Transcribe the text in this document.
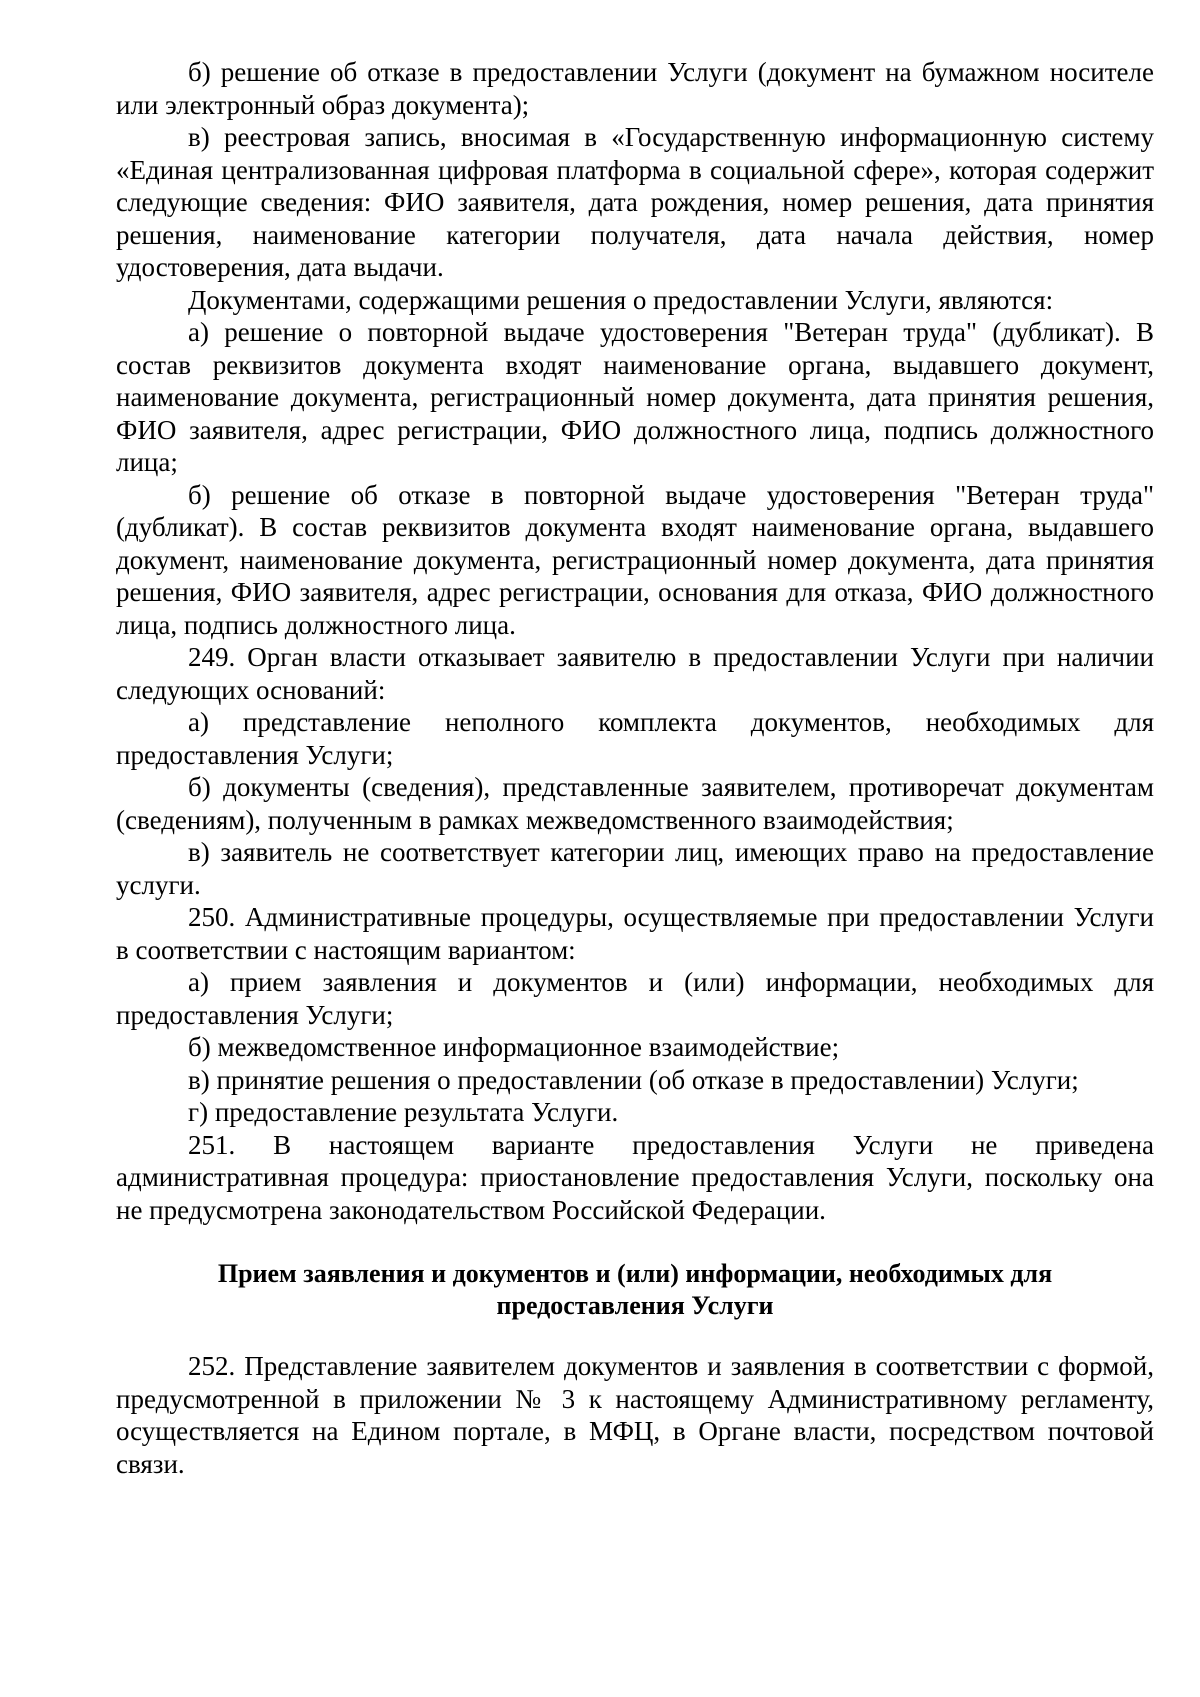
б) решение об отказе в предоставлении Услуги (документ на бумажном носителе или электронный образ документа);

в) реестровая запись, вносимая в «Государственную информационную систему «Единая централизованная цифровая платформа в социальной сфере», которая содержит следующие сведения: ФИО заявителя, дата рождения, номер решения, дата принятия решения, наименование категории получателя, дата начала действия, номер удостоверения, дата выдачи.

Документами, содержащими решения о предоставлении Услуги, являются:

а) решение о повторной выдаче удостоверения "Ветеран труда" (дубликат). В состав реквизитов документа входят наименование органа, выдавшего документ, наименование документа, регистрационный номер документа, дата принятия решения, ФИО заявителя, адрес регистрации, ФИО должностного лица, подпись должностного лица;

б) решение об отказе в повторной выдаче удостоверения "Ветеран труда" (дубликат). В состав реквизитов документа входят наименование органа, выдавшего документ, наименование документа, регистрационный номер документа, дата принятия решения, ФИО заявителя, адрес регистрации, основания для отказа, ФИО должностного лица, подпись должностного лица.

249. Орган власти отказывает заявителю в предоставлении Услуги при наличии следующих оснований:

а) представление неполного комплекта документов, необходимых для предоставления Услуги;

б) документы (сведения), представленные заявителем, противоречат документам (сведениям), полученным в рамках межведомственного взаимодействия;

в) заявитель не соответствует категории лиц, имеющих право на предоставление услуги.

250. Административные процедуры, осуществляемые при предоставлении Услуги в соответствии с настоящим вариантом:

а) прием заявления и документов и (или) информации, необходимых для предоставления Услуги;

б) межведомственное информационное взаимодействие;

в) принятие решения о предоставлении (об отказе в предоставлении) Услуги;

г) предоставление результата Услуги.

251. В настоящем варианте предоставления Услуги не приведена административная процедура: приостановление предоставления Услуги, поскольку она не предусмотрена законодательством Российской Федерации.

Прием заявления и документов и (или) информации, необходимых для предоставления Услуги

252. Представление заявителем документов и заявления в соответствии с формой, предусмотренной в приложении № 3 к настоящему Административному регламенту, осуществляется на Едином портале, в МФЦ, в Органе власти, посредством почтовой связи.
